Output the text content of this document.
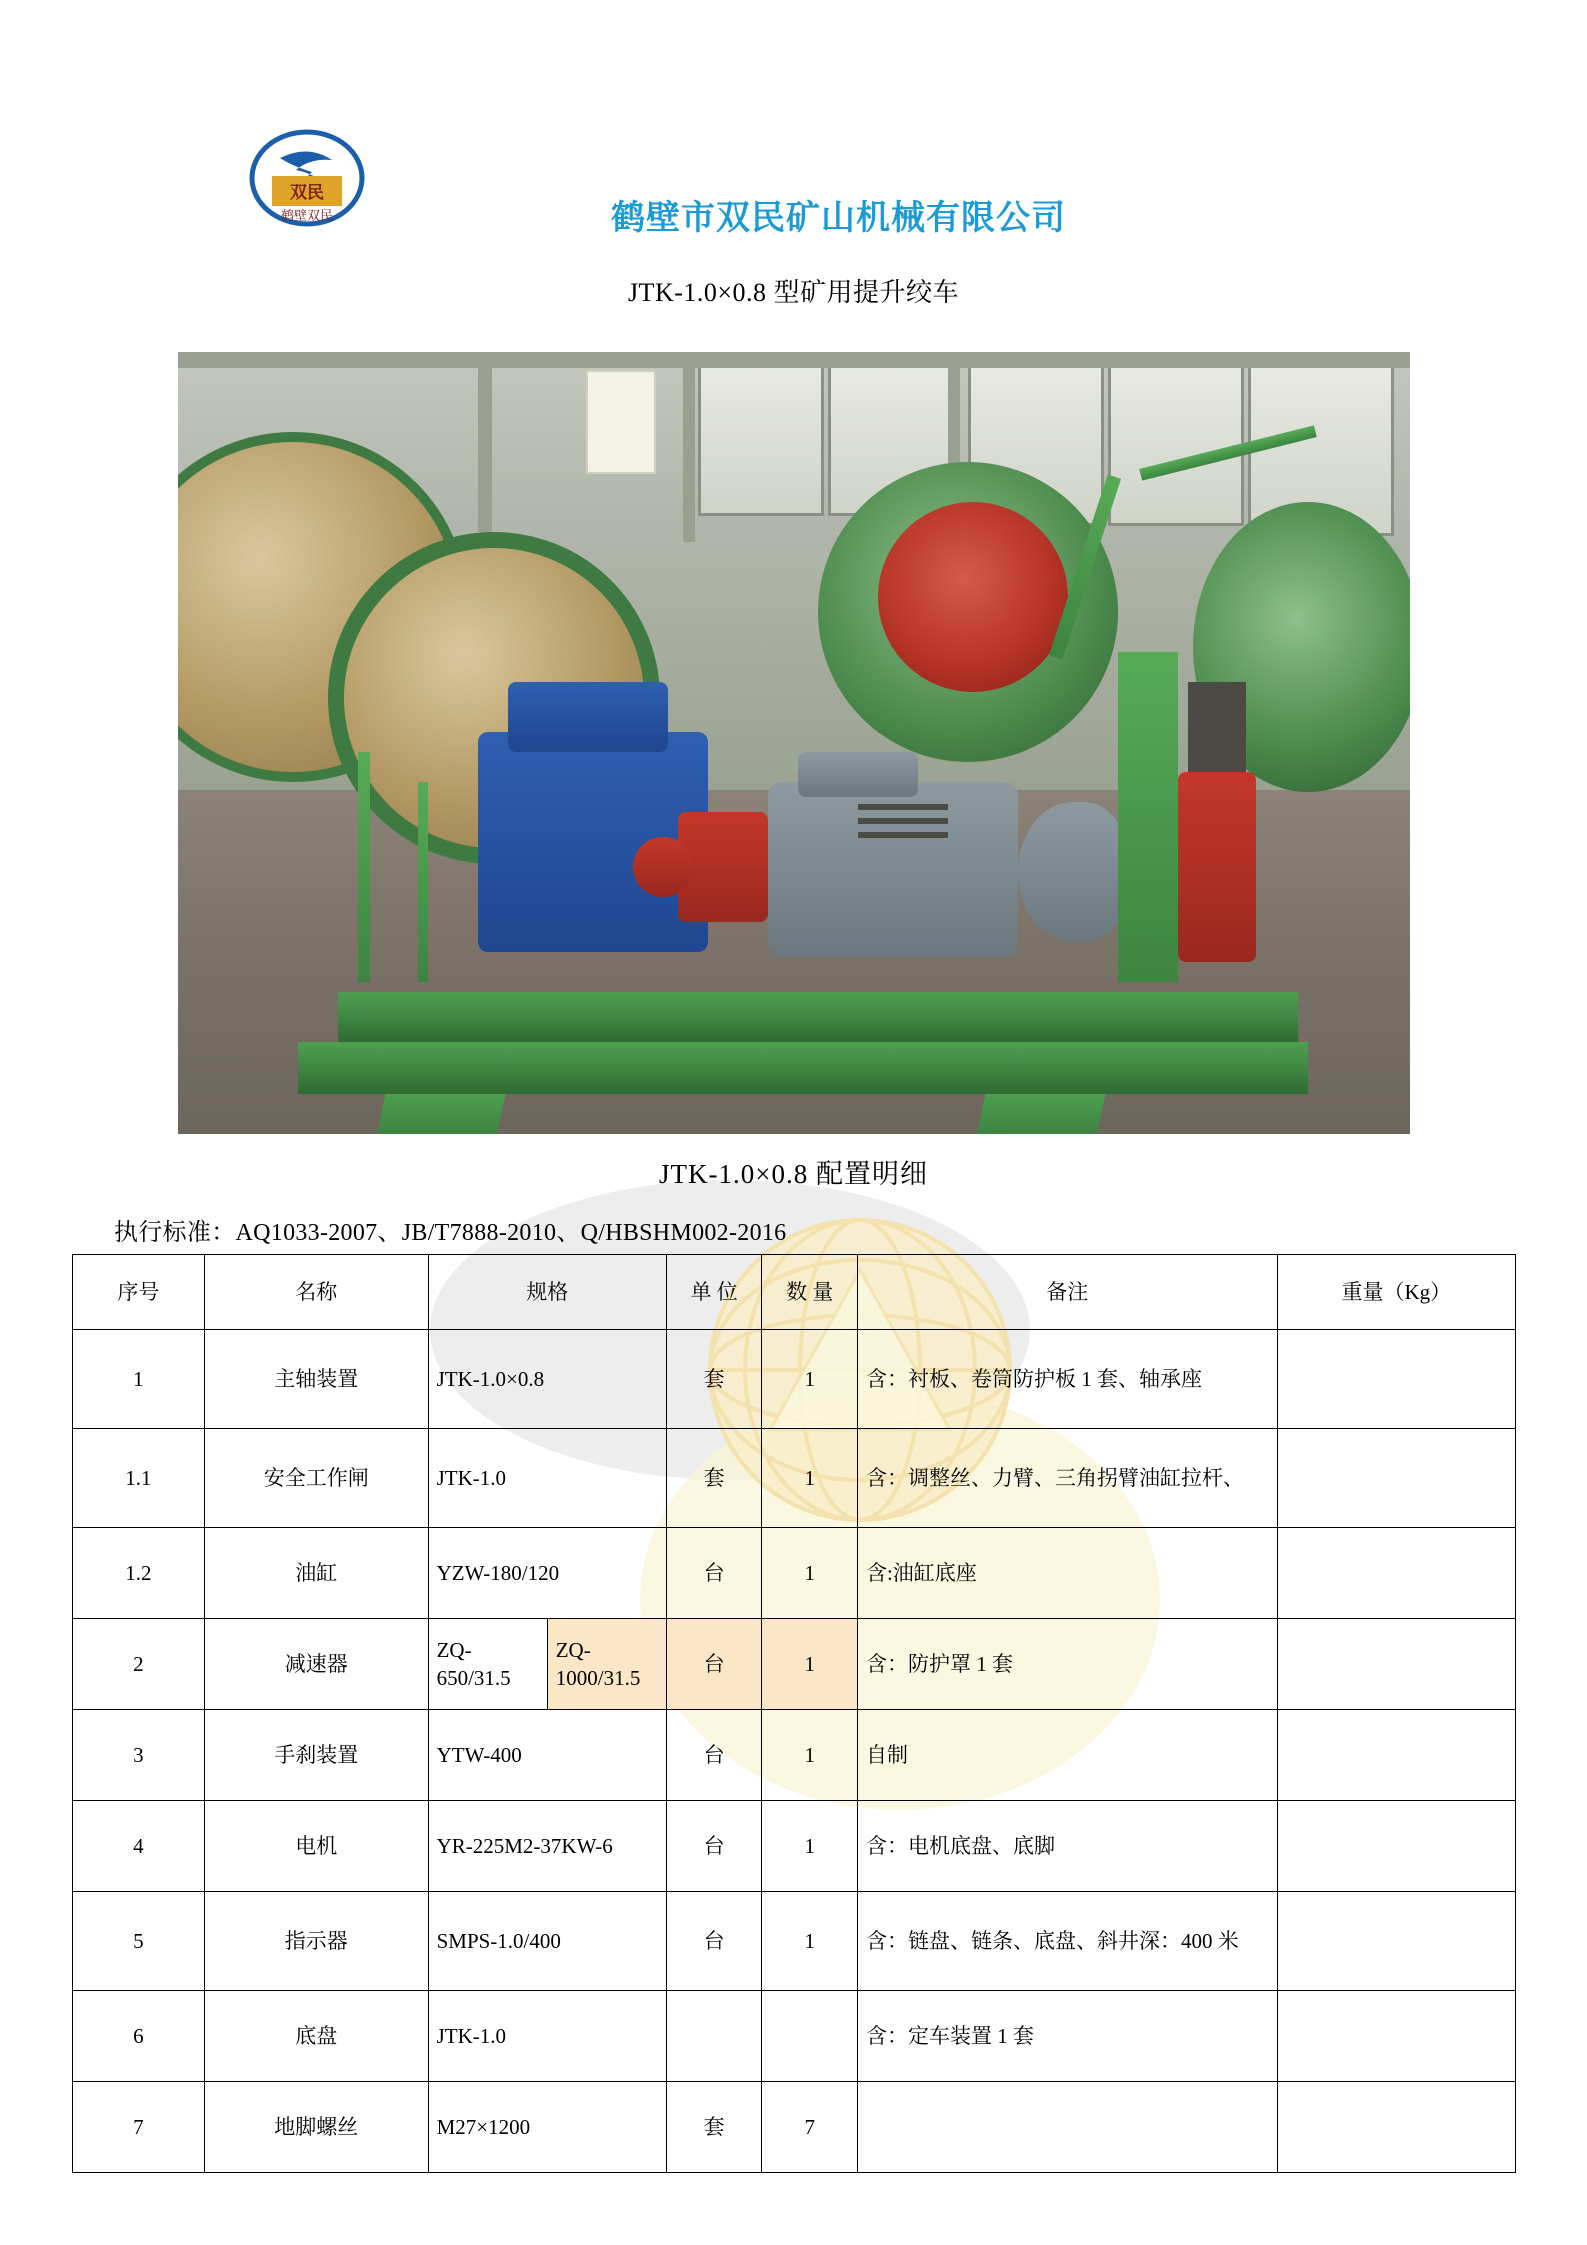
双民
鹤壁双民	鹤壁市双民矿山机械有限公司
JTK-1.0×0.8 型矿用提升绞车
JTK-1.0×0.8 配置明细
执行标准：AQ1033-2007、JB/T7888-2010、Q/HBSHM002-2016
序号	名称	规格		单 位	数 量	备注	重量（Kg）
1	主轴装置	JTK-1.0×0.8		套	1	含：衬板、卷筒防护板 1 套、轴承座	
1.1	安全工作闸	JTK-1.0		套	1	含：调整丝、力臂、三角拐臂油缸拉杆、	
1.2	油缸	YZW-180/120		台	1	含:油缸底座	
2	减速器	ZQ-650/31.5	ZQ-1000/31.5	台	1	含：防护罩 1 套	
3	手刹装置	YTW-400		台	1	自制	
4	电机	YR-225M2-37KW-6		台	1	含：电机底盘、底脚	
5	指示器	SMPS-1.0/400		台	1	含：链盘、链条、底盘、斜井深：400 米	
6	底盘	JTK-1.0				含：定车装置 1 套	
7	地脚螺丝	M27×1200		套	7		
